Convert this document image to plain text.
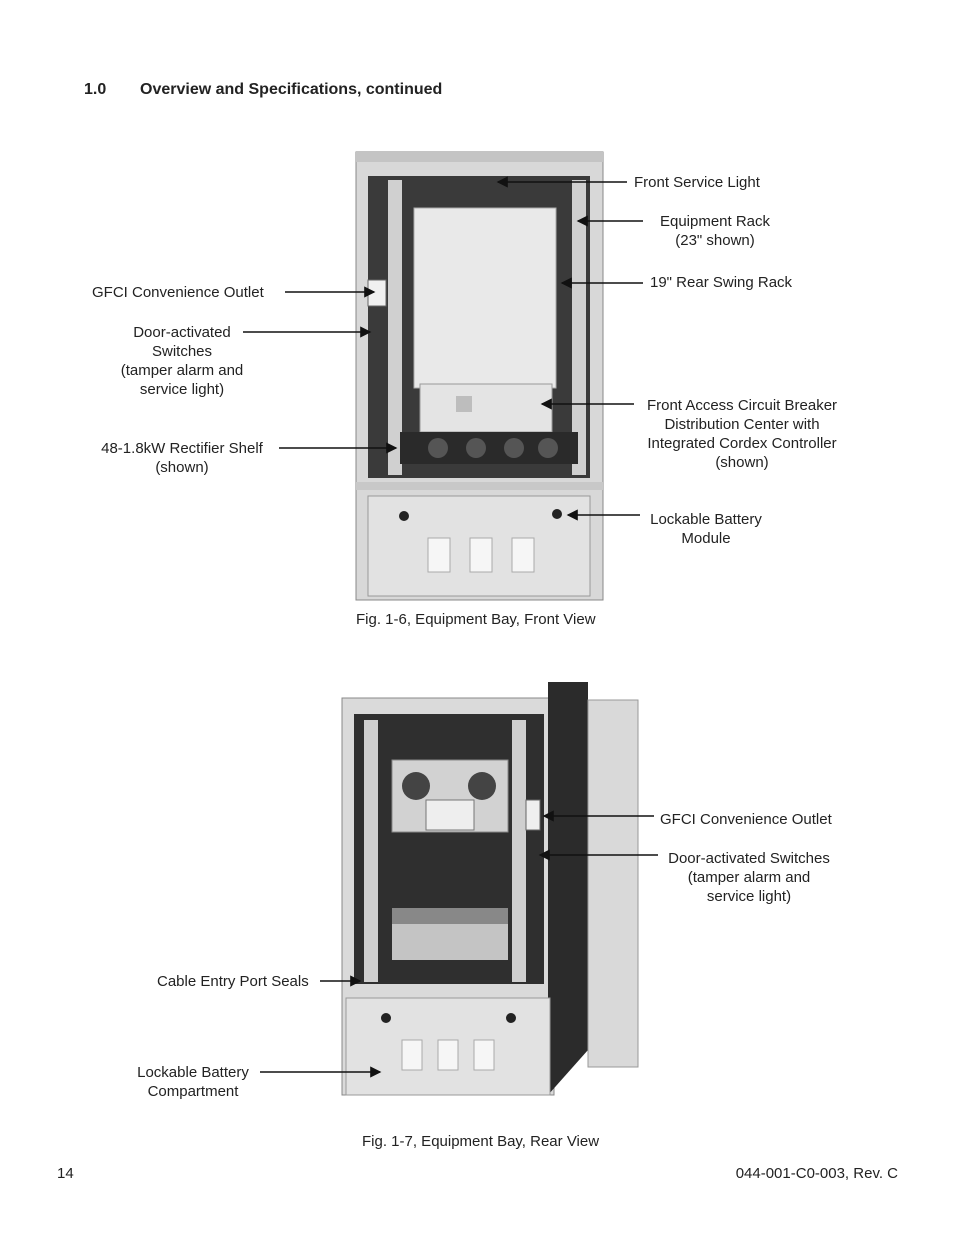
1.0 Overview and Specifications, continued
Front Service Light
Equipment Rack
(23" shown)
19" Rear Swing Rack
GFCI Convenience Outlet
Door-activated
Switches
(tamper alarm and
service light)
Front Access Circuit Breaker
Distribution Center with
Integrated Cordex Controller
(shown)
48-1.8kW Rectifier Shelf
(shown)
Lockable Battery
Module
Fig. 1-6, Equipment Bay, Front View
GFCI Convenience Outlet
Door-activated Switches
(tamper alarm and
service light)
Cable Entry Port Seals
Lockable Battery
Compartment
Fig. 1-7, Equipment Bay, Rear View
14	044-001-C0-003, Rev. C
